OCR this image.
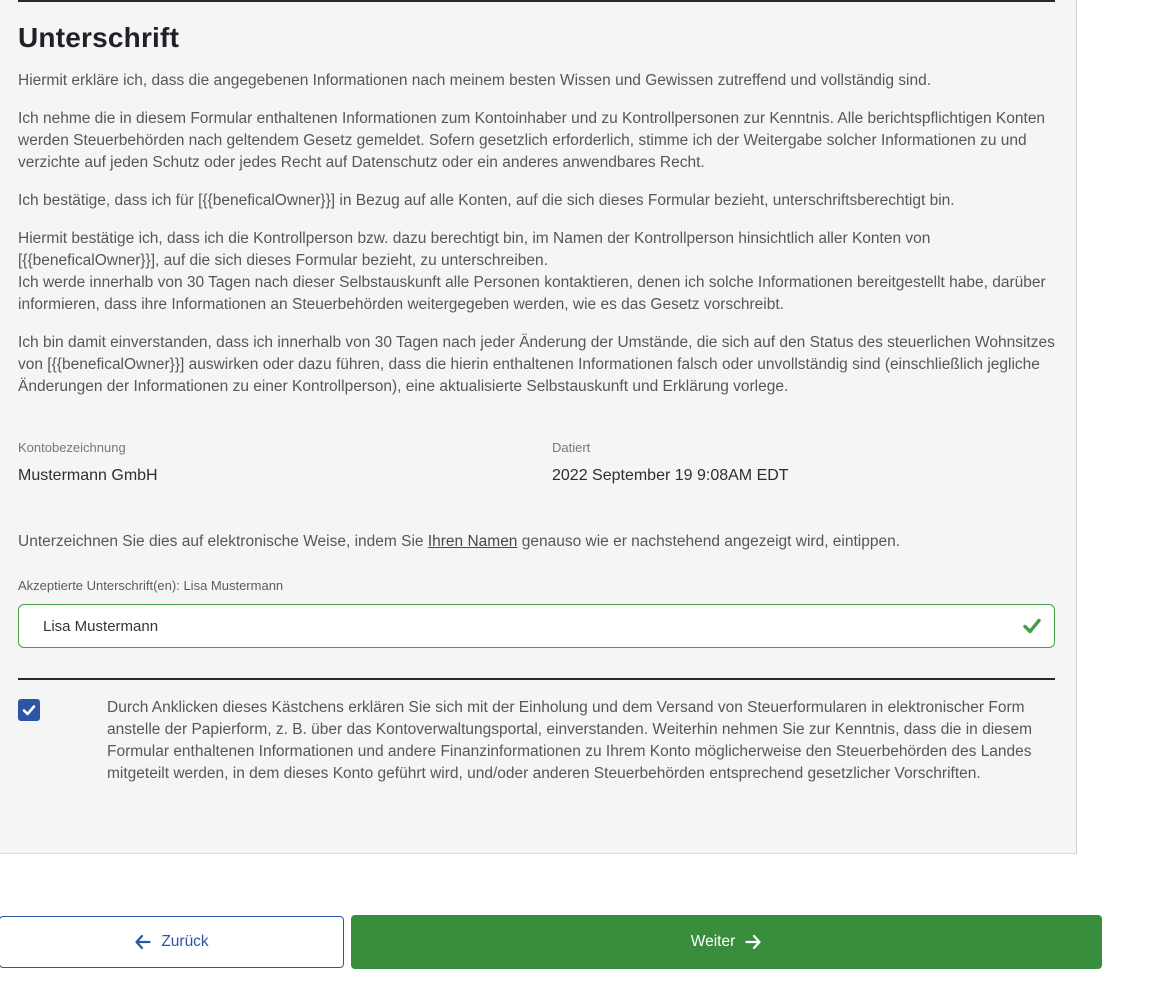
Unterschrift

Hiermit erkläre ich, dass die angegebenen Informationen nach meinem besten Wissen und Gewissen zutreffend und vollständig sind.

Ich nehme die in diesem Formular enthaltenen Informationen zum Kontoinhaber und zu Kontrollpersonen zur Kenntnis. Alle berichtspflichtigen Konten werden Steuerbehörden nach geltendem Gesetz gemeldet. Sofern gesetzlich erforderlich, stimme ich der Weitergabe solcher Informationen zu und verzichte auf jeden Schutz oder jedes Recht auf Datenschutz oder ein anderes anwendbares Recht.

Ich bestätige, dass ich für [{{beneficalOwner}}] in Bezug auf alle Konten, auf die sich dieses Formular bezieht, unterschriftsberechtigt bin.

Hiermit bestätige ich, dass ich die Kontrollperson bzw. dazu berechtigt bin, im Namen der Kontrollperson hinsichtlich aller Konten von [{{beneficalOwner}}], auf die sich dieses Formular bezieht, zu unterschreiben.

Ich werde innerhalb von 30 Tagen nach dieser Selbstauskunft alle Personen kontaktieren, denen ich solche Informationen bereitgestellt habe, darüber informieren, dass ihre Informationen an Steuerbehörden weitergegeben werden, wie es das Gesetz vorschreibt.

Ich bin damit einverstanden, dass ich innerhalb von 30 Tagen nach jeder Änderung der Umstände, die sich auf den Status des steuerlichen Wohnsitzes von [{{beneficalOwner}}] auswirken oder dazu führen, dass die hierin enthaltenen Informationen falsch oder unvollständig sind (einschließlich jegliche Änderungen der Informationen zu einer Kontrollperson), eine aktualisierte Selbstauskunft und Erklärung vorlege.

Kontobezeichnung
Mustermann GmbH
Datiert
2022 September 19 9:08AM EDT
Unterzeichnen Sie dies auf elektronische Weise, indem Sie Ihren Namen genauso wie er nachstehend angezeigt wird, eintippen.
Akzeptierte Unterschrift(en): Lisa Mustermann
Lisa Mustermann
Durch Anklicken dieses Kästchens erklären Sie sich mit der Einholung und dem Versand von Steuerformularen in elektronischer Form anstelle der Papierform, z. B. über das Kontoverwaltungsportal, einverstanden. Weiterhin nehmen Sie zur Kenntnis, dass die in diesem Formular enthaltenen Informationen und andere Finanzinformationen zu Ihrem Konto möglicherweise den Steuerbehörden des Landes mitgeteilt werden, in dem dieses Konto geführt wird, und/oder anderen Steuerbehörden entsprechend gesetzlicher Vorschriften.
Zurück	Weiter
